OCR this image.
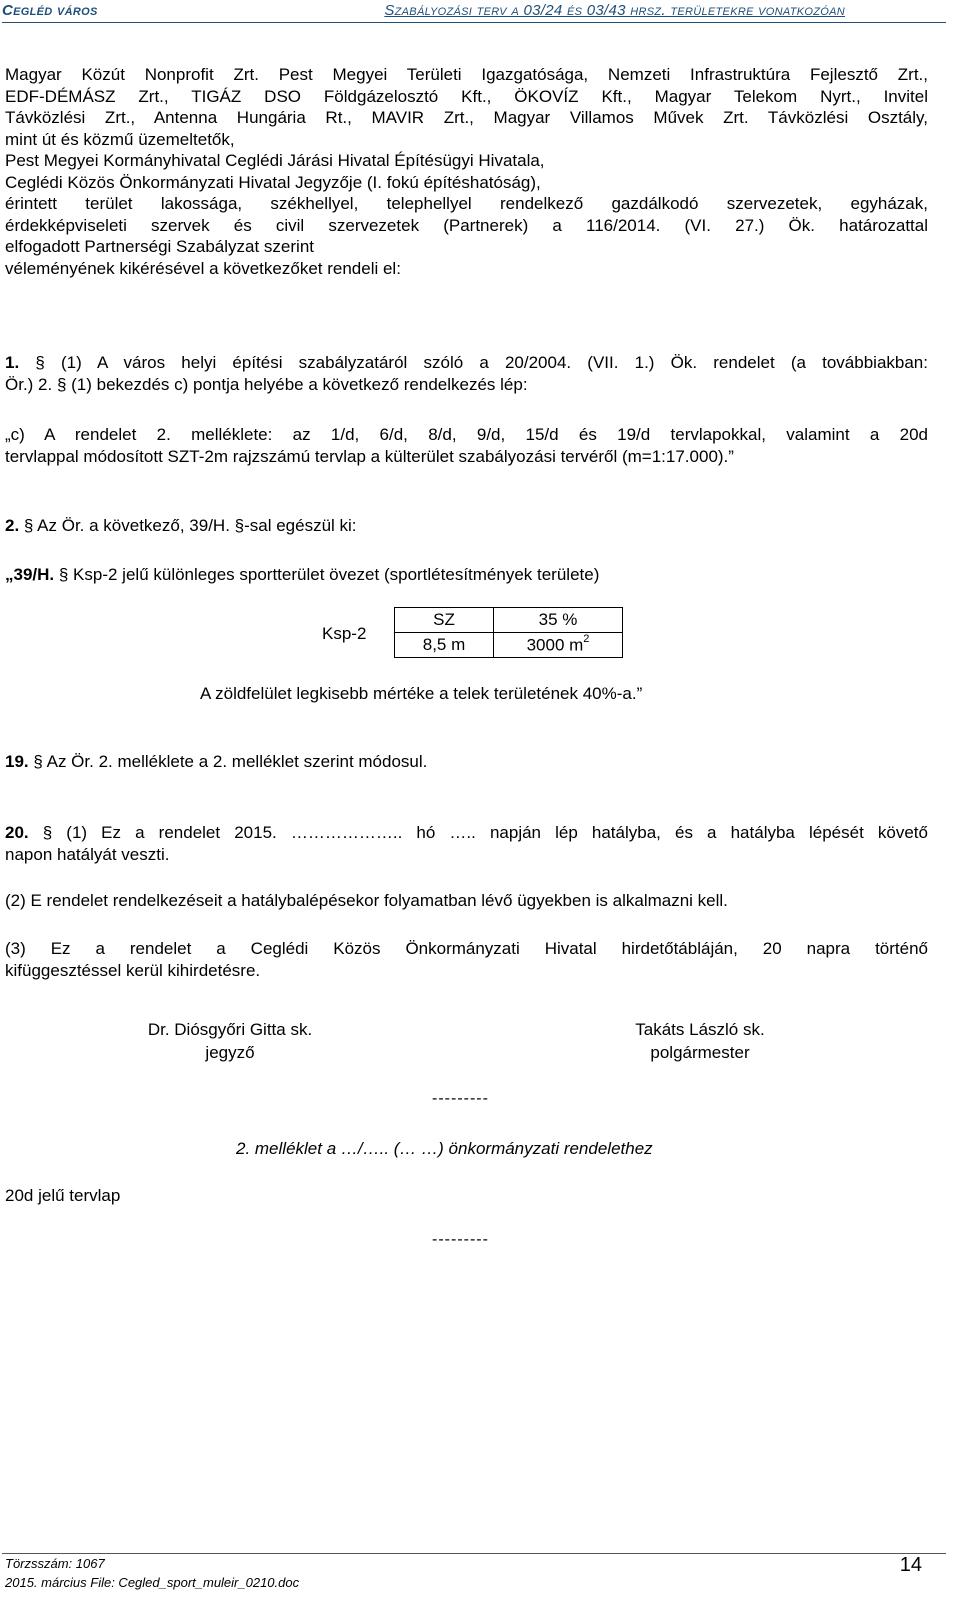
Cegléd város	Szabályozási terv a 03/24 és 03/43 hrsz. területekre vonatkozóan
Magyar Közút Nonprofit Zrt. Pest Megyei Területi Igazgatósága, Nemzeti Infrastruktúra Fejlesztő Zrt.,
EDF-DÉMÁSZ Zrt., TIGÁZ DSO Földgázelosztó Kft., ÖKOVÍZ Kft., Magyar Telekom Nyrt., Invitel
Távközlési Zrt., Antenna Hungária Rt., MAVIR Zrt., Magyar Villamos Művek Zrt. Távközlési Osztály,
mint út és közmű üzemeltetők,
Pest Megyei Kormányhivatal Ceglédi Járási Hivatal Építésügyi Hivatala,
Ceglédi Közös Önkormányzati Hivatal Jegyzője (I. fokú építéshatóság),
érintett terület lakossága, székhellyel, telephellyel rendelkező gazdálkodó szervezetek, egyházak,
érdekképviseleti szervek és civil szervezetek (Partnerek) a 116/2014. (VI. 27.) Ök. határozattal
elfogadott Partnerségi Szabályzat szerint
véleményének kikérésével a következőket rendeli el:
1. § (1) A város helyi építési szabályzatáról szóló a 20/2004. (VII. 1.) Ök. rendelet (a továbbiakban:
Ör.) 2. § (1) bekezdés c) pontja helyébe a következő rendelkezés lép:
„c) A rendelet 2. melléklete: az 1/d, 6/d, 8/d, 9/d, 15/d és 19/d tervlapokkal, valamint a 20d
tervlappal módosított SZT-2m rajzszámú tervlap a külterület szabályozási tervéről (m=1:17.000).”
2. § Az Ör. a következő, 39/H. §-sal egészül ki:
„39/H. § Ksp-2 jelű különleges sportterület övezet (sportlétesítmények területe)
Ksp-2
SZ	35 %
8,5 m	3000 $m^2$
A zöldfelület legkisebb mértéke a telek területének 40%-a.”
19. § Az Ör. 2. melléklete a 2. melléklet szerint módosul.
20. § (1) Ez a rendelet 2015. ……………….. hó ….. napján lép hatályba, és a hatályba lépését követő
napon hatályát veszti.
(2) E rendelet rendelkezéseit a hatálybalépésekor folyamatban lévő ügyekben is alkalmazni kell.
(3) Ez a rendelet a Ceglédi Közös Önkormányzati Hivatal hirdetőtábláján, 20 napra történő
kifüggesztéssel kerül kihirdetésre.
Dr. Diósgyőri Gitta sk.
jegyző
Takáts László sk.
polgármester
---------
2. melléklet a …/….. (… …) önkormányzati rendelethez
20d jelű tervlap
---------
Törzsszám: 1067
2015. március File: Cegled_sport_muleir_0210.doc
14
